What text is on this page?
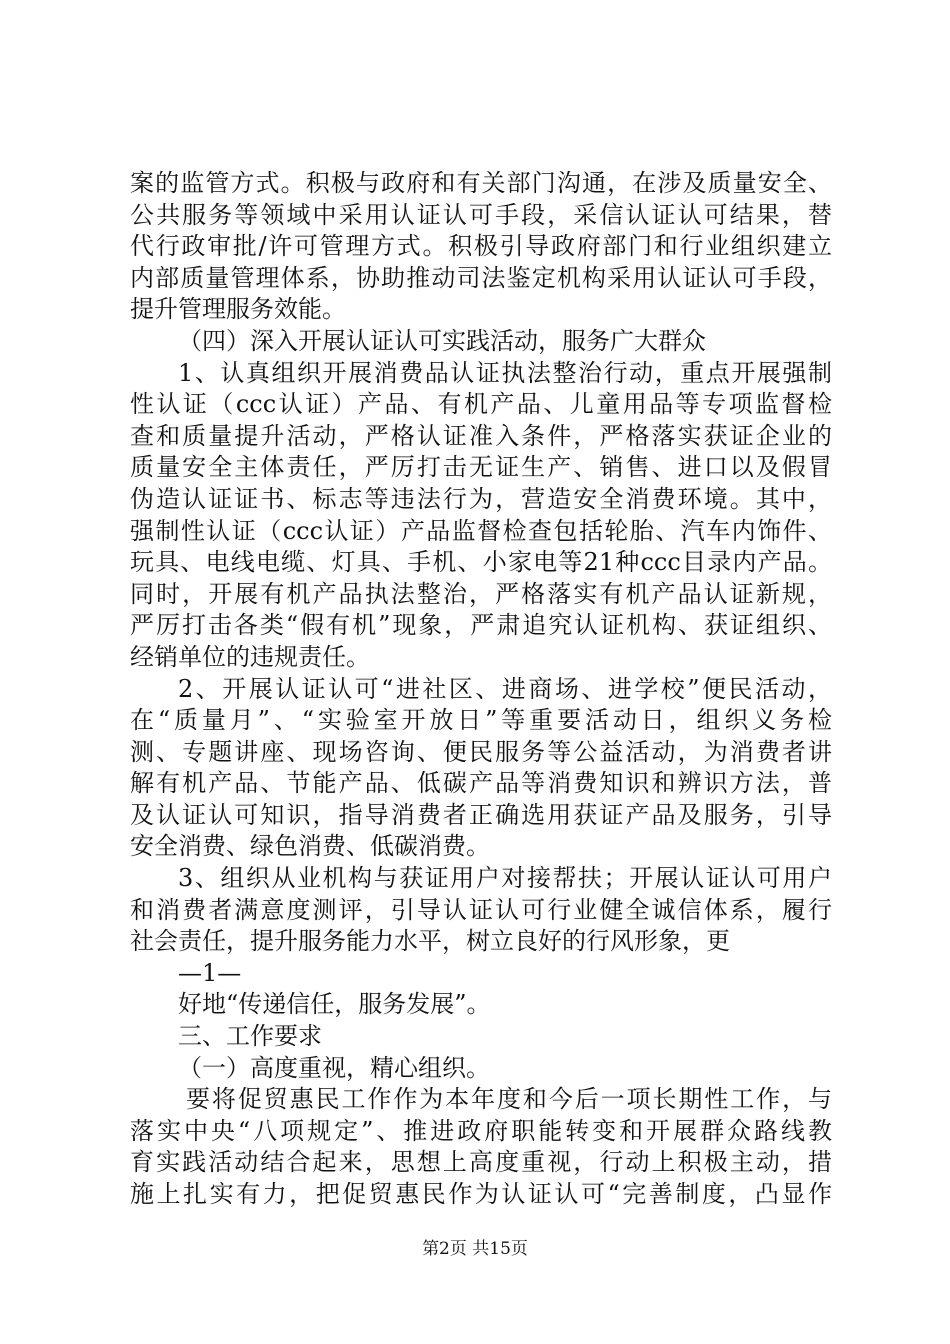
案的监管方式。积极与政府和有关部门沟通，在涉及质量安全、
公共服务等领域中采用认证认可手段，采信认证认可结果，替
代行政审批/许可管理方式。积极引导政府部门和行业组织建立
内部质量管理体系，协助推动司法鉴定机构采用认证认可手段，
提升管理服务效能。
（四）深入开展认证认可实践活动，服务广大群众
1、认真组织开展消费品认证执法整治行动，重点开展强制
性认证（ccc认证）产品、有机产品、儿童用品等专项监督检
查和质量提升活动，严格认证准入条件，严格落实获证企业的
质量安全主体责任，严厉打击无证生产、销售、进口以及假冒
伪造认证证书、标志等违法行为，营造安全消费环境。其中，
强制性认证（ccc认证）产品监督检查包括轮胎、汽车内饰件、
玩具、电线电缆、灯具、手机、小家电等21种ccc目录内产品。
同时，开展有机产品执法整治，严格落实有机产品认证新规，
严厉打击各类“假有机”现象，严肃追究认证机构、获证组织、
经销单位的违规责任。
2、开展认证认可“进社区、进商场、进学校”便民活动，
在“质量月”、“实验室开放日”等重要活动日，组织义务检
测、专题讲座、现场咨询、便民服务等公益活动，为消费者讲
解有机产品、节能产品、低碳产品等消费知识和辨识方法，普
及认证认可知识，指导消费者正确选用获证产品及服务，引导
安全消费、绿色消费、低碳消费。
3、组织从业机构与获证用户对接帮扶；开展认证认可用户
和消费者满意度测评，引导认证认可行业健全诚信体系，履行
社会责任，提升服务能力水平，树立良好的行风形象，更
—1—
好地“传递信任，服务发展”。
三、工作要求
（一）高度重视，精心组织。
要将促贸惠民工作作为本年度和今后一项长期性工作，与
落实中央“八项规定”、推进政府职能转变和开展群众路线教
育实践活动结合起来，思想上高度重视，行动上积极主动，措
施上扎实有力，把促贸惠民作为认证认可“完善制度，凸显作
第2页 共15页
